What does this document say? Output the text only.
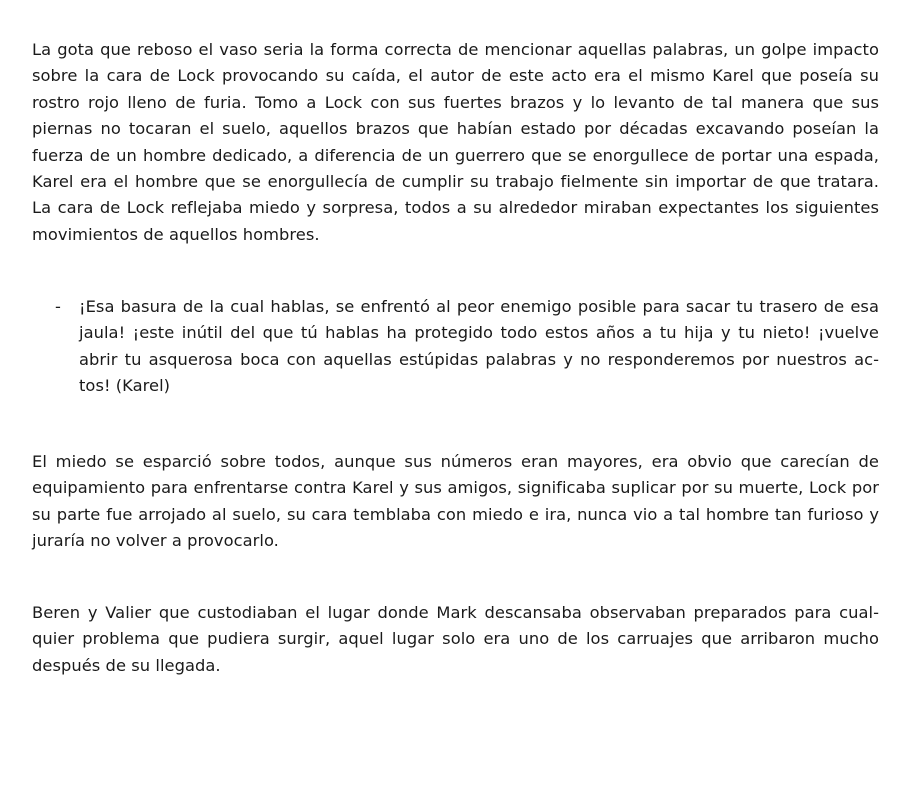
La gota que reboso el vaso seria la forma correcta de mencionar aquellas palabras, un golpe impacto sobre la cara de Lock provocando su caída, el autor de este acto era el mismo Karel que poseía su rostro rojo lleno de furia. Tomo a Lock con sus fuertes brazos y lo levanto de tal manera que sus piernas no tocaran el suelo, aquellos brazos que habían estado por décadas excavando poseían la fuerza de un hombre dedicado, a diferencia de un guerrero que se enorgullece de portar una espada, Karel era el hombre que se enorgullecía de cumplir su trabajo fielmente sin importar de que tratara. La cara de Lock reflejaba miedo y sorpresa, todos a su alrededor miraban expectantes los siguientes movimientos de aquellos hombres.

- ¡Esa basura de la cual hablas, se enfrentó al peor enemigo posible para sacar tu trasero de esa jaula! ¡este inútil del que tú hablas ha protegido todo estos años a tu hija y tu nieto! ¡vuelve abrir tu asquerosa boca con aquellas estúpidas palabras y no responderemos por nuestros actos! (Karel)

El miedo se esparció sobre todos, aunque sus números eran mayores, era obvio que carecían de equipamiento para enfrentarse contra Karel y sus amigos, significaba suplicar por su muerte, Lock por su parte fue arrojado al suelo, su cara temblaba con miedo e ira, nunca vio a tal hombre tan furioso y juraría no volver a provocarlo.

Beren y Valier que custodiaban el lugar donde Mark descansaba observaban preparados para cualquier problema que pudiera surgir, aquel lugar solo era uno de los carruajes que arribaron mucho después de su llegada.
